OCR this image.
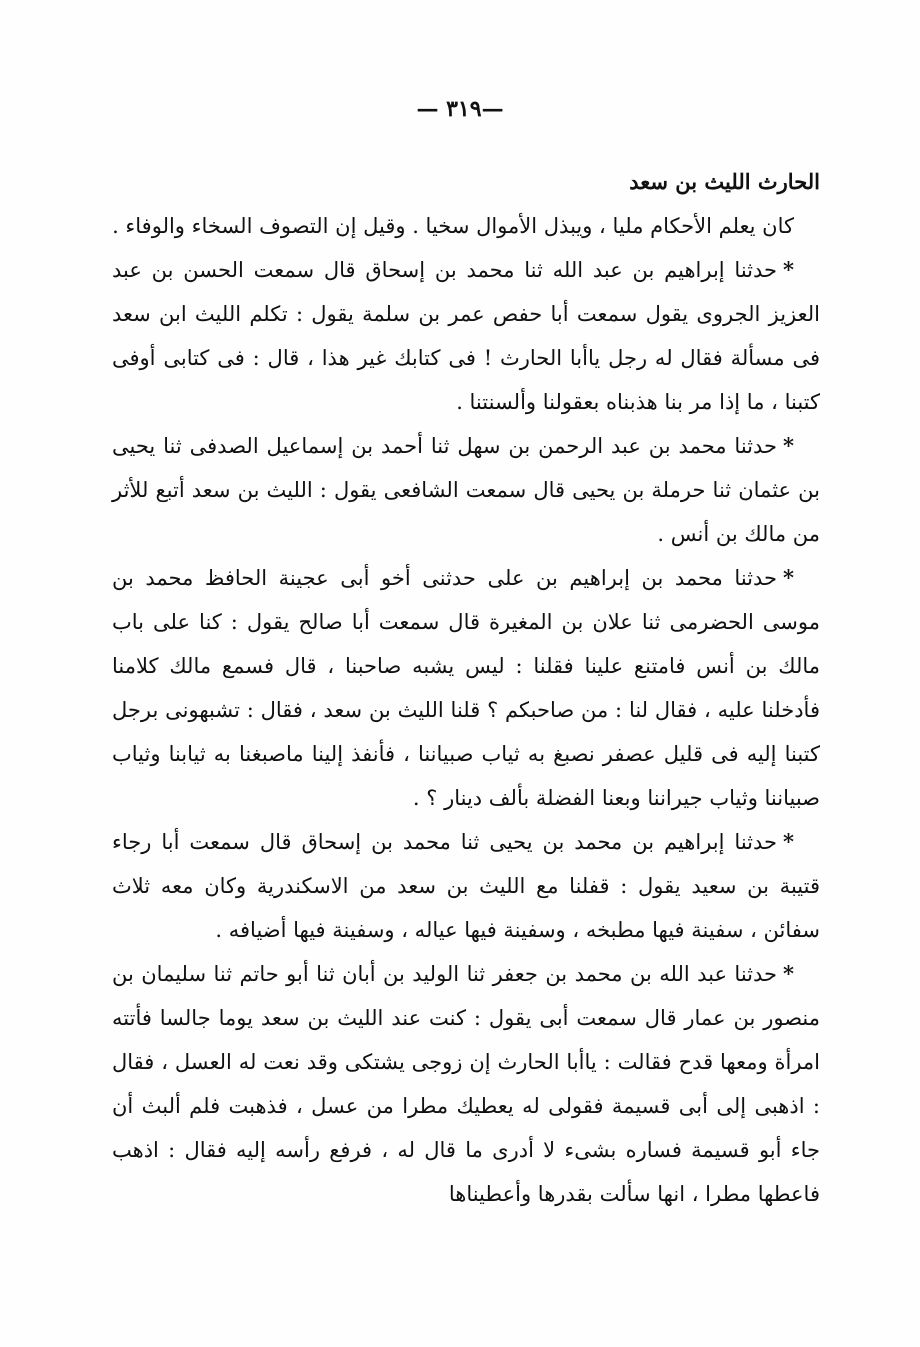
—٣١٩ —

الحارث الليث بن سعد

كان يعلم الأحكام مليا ، ويبذل الأموال سخيا . وقيل إن التصوف السخاء والوفاء .

*حدثنا إبراهيم بن عبد الله ثنا محمد بن إسحاق قال سمعت الحسن بن عبد العزيز الجروى يقول سمعت أبا حفص عمر بن سلمة يقول : تكلم الليث ابن سعد فى مسألة فقال له رجل ياأبا الحارث ! فى كتابك غير هذا ، قال : فى كتابى أوفى كتبنا ، ما إذا مر بنا هذبناه بعقولنا وألسنتنا .

*حدثنا محمد بن عبد الرحمن بن سهل ثنا أحمد بن إسماعيل الصدفى ثنا يحيى بن عثمان ثنا حرملة بن يحيى قال سمعت الشافعى يقول : الليث بن سعد أتبع للأثر من مالك بن أنس .

*حدثنا محمد بن إبراهيم بن على حدثنى أخو أبى عجينة الحافظ محمد بن موسى الحضرمى ثنا علان بن المغيرة قال سمعت أبا صالح يقول : كنا على باب مالك بن أنس فامتنع علينا فقلنا : ليس يشبه صاحبنا ، قال فسمع مالك كلامنا فأدخلنا عليه ، فقال لنا : من صاحبكم ؟ قلنا الليث بن سعد ، فقال : تشبهونى برجل كتبنا إليه فى قليل عصفر نصبغ به ثياب صبياننا ، فأنفذ إلينا ماصبغنا به ثيابنا وثياب صبياننا وثياب جيراننا وبعنا الفضلة بألف دينار ؟ .

*حدثنا إبراهيم بن محمد بن يحيى ثنا محمد بن إسحاق قال سمعت أبا رجاء قتيبة بن سعيد يقول : قفلنا مع الليث بن سعد من الاسكندرية وكان معه ثلاث سفائن ، سفينة فيها مطبخه ، وسفينة فيها عياله ، وسفينة فيها أضيافه .

*حدثنا عبد الله بن محمد بن جعفر ثنا الوليد بن أبان ثنا أبو حاتم ثنا سليمان بن منصور بن عمار قال سمعت أبى يقول : كنت عند الليث بن سعد يوما جالسا فأتته امرأة ومعها قدح فقالت : ياأبا الحارث إن زوجى يشتكى وقد نعت له العسل ، فقال : اذهبى إلى أبى قسيمة فقولى له يعطيك مطرا من عسل ، فذهبت فلم ألبث أن جاء أبو قسيمة فساره بشىء لا أدرى ما قال له ، فرفع رأسه إليه فقال : اذهب فاعطها مطرا ، انها سألت بقدرها وأعطيناها
